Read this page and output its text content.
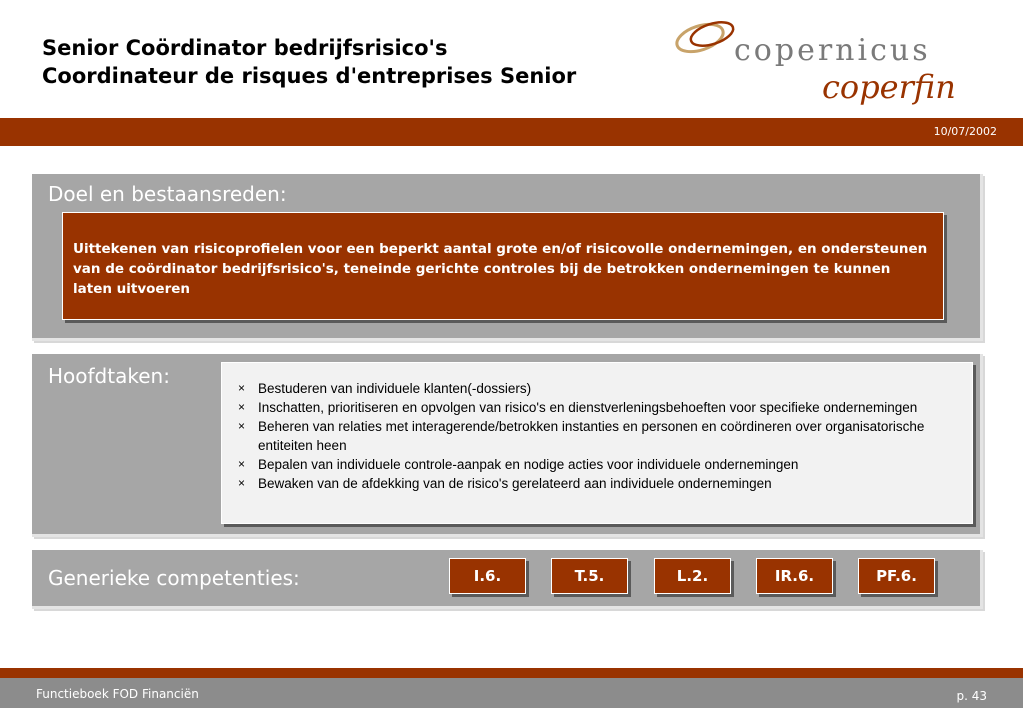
Senior Coördinator bedrijfsrisico's
Coordinateur de risques d'entreprises Senior
copernicus
coperfin
10/07/2002
Doel en bestaansreden:
Uittekenen van risicoprofielen voor een beperkt aantal grote en/of risicovolle ondernemingen, en ondersteunen van de coördinator bedrijfsrisico's, teneinde gerichte controles bij de betrokken ondernemingen te kunnen laten uitvoeren
Hoofdtaken:	× Bestuderen van individuele klanten(-dossiers)
× Inschatten, prioritiseren en opvolgen van risico's en dienstverleningsbehoeften voor specifieke ondernemingen
× Beheren van relaties met interagerende/betrokken instanties en personen en coördineren over organisatorische entiteiten heen
× Bepalen van individuele controle-aanpak en nodige acties voor individuele ondernemingen
× Bewaken van de afdekking van de risico's gerelateerd aan individuele ondernemingen
Generieke competenties:	I.6.	T.5.	L.2.	IR.6.	PF.6.
Functieboek FOD Financiën	p. 43
